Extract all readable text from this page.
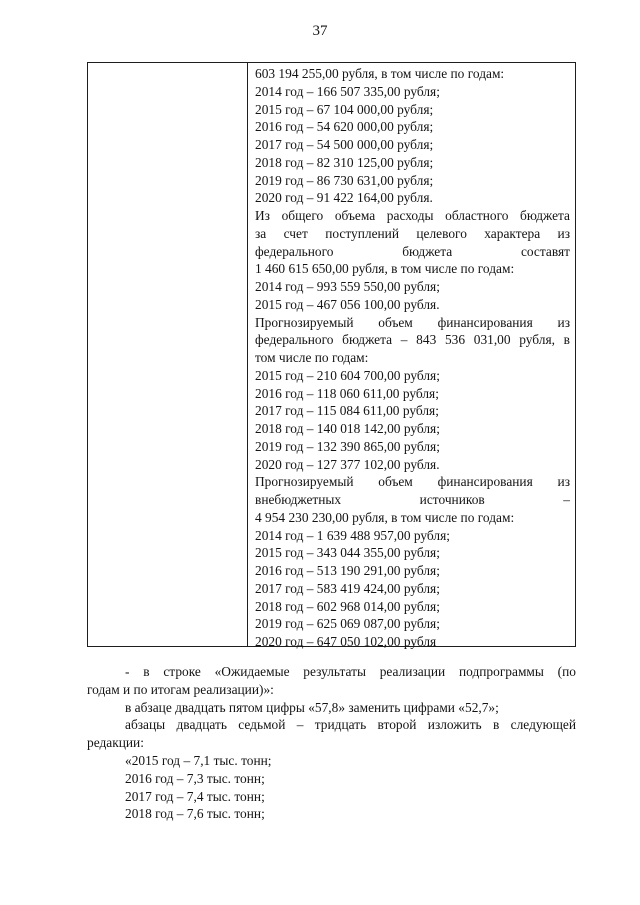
37
603 194 255,00 рубля, в том числе по годам:
2014 год – 166 507 335,00 рубля;
2015 год – 67 104 000,00 рубля;
2016 год – 54 620 000,00 рубля;
2017 год – 54 500 000,00 рубля;
2018 год – 82 310 125,00 рубля;
2019 год – 86 730 631,00 рубля;
2020 год – 91 422 164,00 рубля.
Из общего объема расходы областного бюджета
за счет поступлений целевого характера из
федерального бюджета составят
1 460 615 650,00 рубля, в том числе по годам:
2014 год – 993 559 550,00 рубля;
2015 год – 467 056 100,00 рубля.
Прогнозируемый объем финансирования из
федерального бюджета – 843 536 031,00 рубля, в
том числе по годам:
2015 год – 210 604 700,00 рубля;
2016 год – 118 060 611,00 рубля;
2017 год – 115 084 611,00 рубля;
2018 год – 140 018 142,00 рубля;
2019 год – 132 390 865,00 рубля;
2020 год – 127 377 102,00 рубля.
Прогнозируемый объем финансирования из
внебюджетных источников –
4 954 230 230,00 рубля, в том числе по годам:
2014 год – 1 639 488 957,00 рубля;
2015 год – 343 044 355,00 рубля;
2016 год – 513 190 291,00 рубля;
2017 год – 583 419 424,00 рубля;
2018 год – 602 968 014,00 рубля;
2019 год – 625 069 087,00 рубля;
2020 год – 647 050 102,00 рубля
- в строке «Ожидаемые результаты реализации подпрограммы (по
годам и по итогам реализации)»:
в абзаце двадцать пятом цифры «57,8» заменить цифрами «52,7»;
абзацы двадцать седьмой – тридцать второй изложить в следующей
редакции:
«2015 год – 7,1 тыс. тонн;
2016 год – 7,3 тыс. тонн;
2017 год – 7,4 тыс. тонн;
2018 год – 7,6 тыс. тонн;
